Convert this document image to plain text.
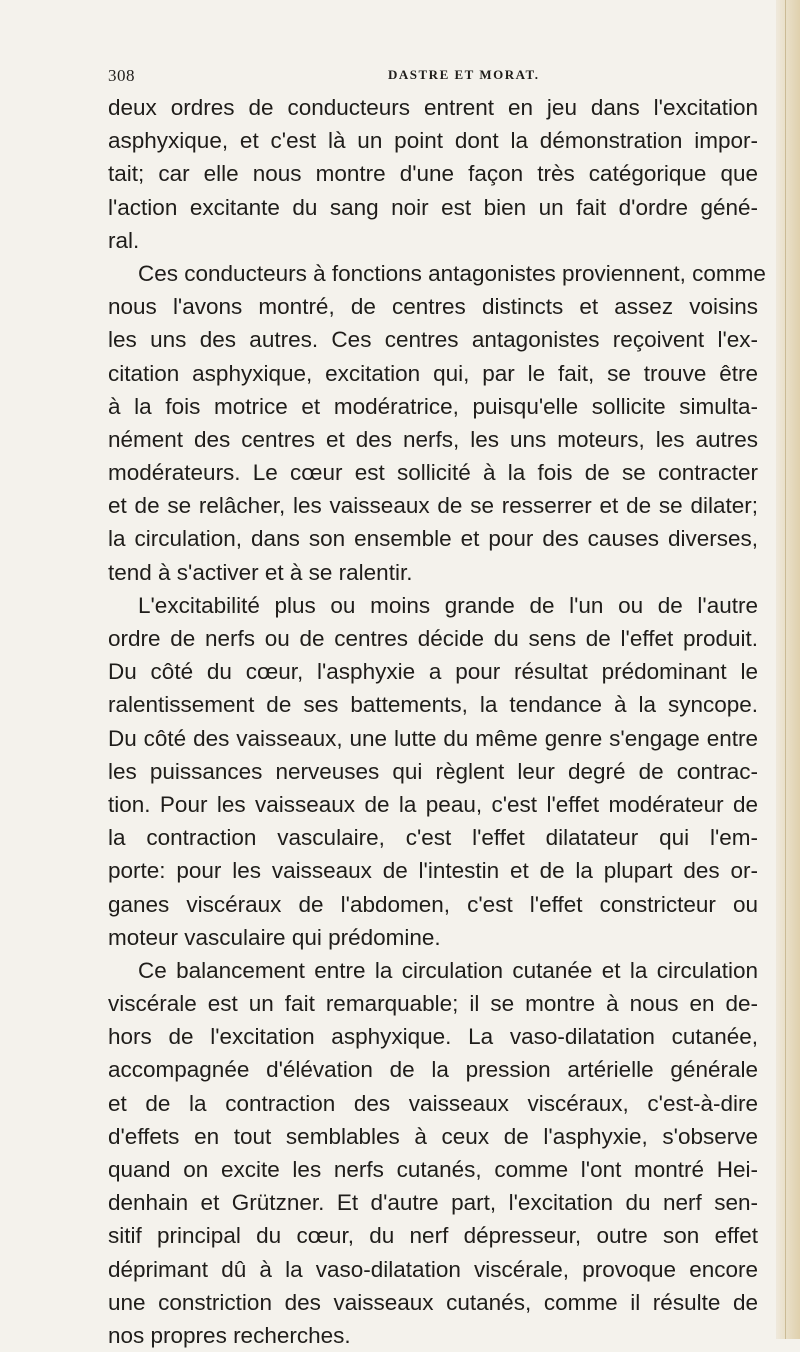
308	DASTRE ET MORAT.
deux ordres de conducteurs entrent en jeu dans l'excitation
asphyxique, et c'est là un point dont la démonstration impor-
tait; car elle nous montre d'une façon très catégorique que
l'action excitante du sang noir est bien un fait d'ordre géné-
ral.
Ces conducteurs à fonctions antagonistes proviennent, comme
nous l'avons montré, de centres distincts et assez voisins
les uns des autres. Ces centres antagonistes reçoivent l'ex-
citation asphyxique, excitation qui, par le fait, se trouve être
à la fois motrice et modératrice, puisqu'elle sollicite simulta-
nément des centres et des nerfs, les uns moteurs, les autres
modérateurs. Le cœur est sollicité à la fois de se contracter
et de se relâcher, les vaisseaux de se resserrer et de se dilater;
la circulation, dans son ensemble et pour des causes diverses,
tend à s'activer et à se ralentir.
L'excitabilité plus ou moins grande de l'un ou de l'autre
ordre de nerfs ou de centres décide du sens de l'effet produit.
Du côté du cœur, l'asphyxie a pour résultat prédominant le
ralentissement de ses battements, la tendance à la syncope.
Du côté des vaisseaux, une lutte du même genre s'engage entre
les puissances nerveuses qui règlent leur degré de contrac-
tion. Pour les vaisseaux de la peau, c'est l'effet modérateur de
la contraction vasculaire, c'est l'effet dilatateur qui l'em-
porte: pour les vaisseaux de l'intestin et de la plupart des or-
ganes viscéraux de l'abdomen, c'est l'effet constricteur ou
moteur vasculaire qui prédomine.
Ce balancement entre la circulation cutanée et la circulation
viscérale est un fait remarquable; il se montre à nous en de-
hors de l'excitation asphyxique. La vaso-dilatation cutanée,
accompagnée d'élévation de la pression artérielle générale
et de la contraction des vaisseaux viscéraux, c'est-à-dire
d'effets en tout semblables à ceux de l'asphyxie, s'observe
quand on excite les nerfs cutanés, comme l'ont montré Hei-
denhain et Grützner. Et d'autre part, l'excitation du nerf sen-
sitif principal du cœur, du nerf dépresseur, outre son effet
déprimant dû à la vaso-dilatation viscérale, provoque encore
une constriction des vaisseaux cutanés, comme il résulte de
nos propres recherches.
